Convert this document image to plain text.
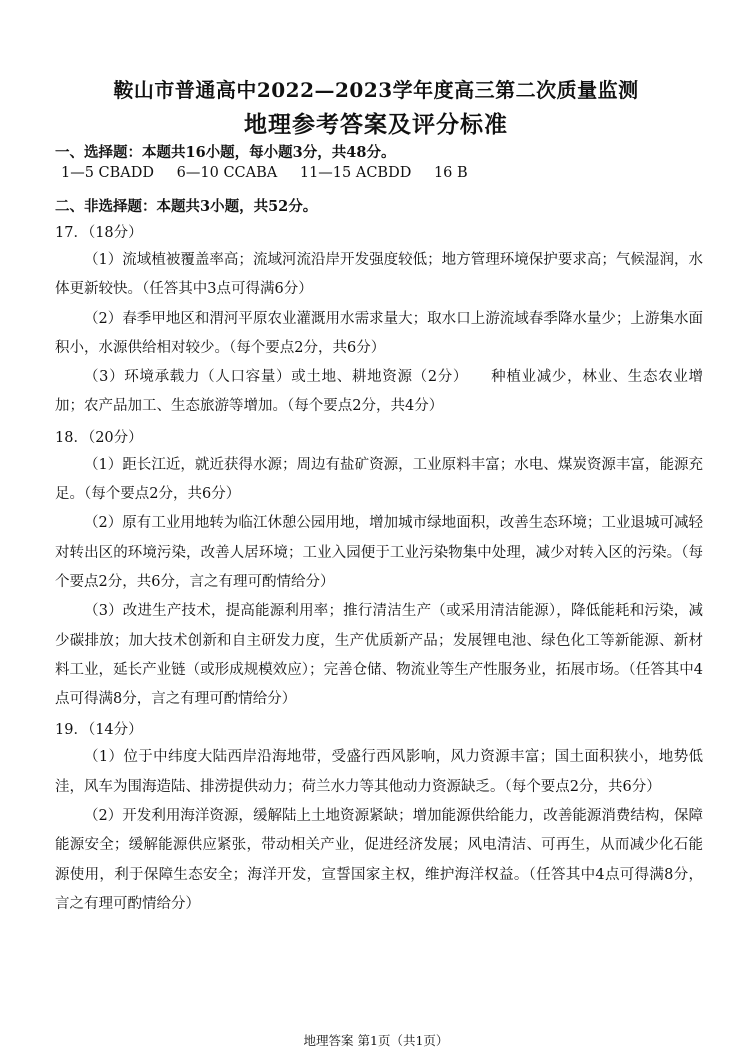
鞍山市普通高中2022—2023学年度高三第二次质量监测
地理参考答案及评分标准
一、选择题：本题共16小题，每小题3分，共48分。
1—5 CBADD 6—10 CCABA 11—15 ACBDD 16 B
二、非选择题：本题共3小题，共52分。
17．（18分）
（1）流域植被覆盖率高；流域河流沿岸开发强度较低；地方管理环境保护要求高；气候湿润，水体更新较快。（任答其中3点可得满6分）
（2）春季甲地区和渭河平原农业灌溉用水需求量大；取水口上游流域春季降水量少；上游集水面积小，水源供给相对较少。（每个要点2分，共6分）
（3）环境承载力（人口容量）或土地、耕地资源（2分）　　种植业减少，林业、生态农业增加；农产品加工、生态旅游等增加。（每个要点2分，共4分）
18．（20分）
（1）距长江近，就近获得水源；周边有盐矿资源，工业原料丰富；水电、煤炭资源丰富，能源充足。（每个要点2分，共6分）
（2）原有工业用地转为临江休憩公园用地，增加城市绿地面积，改善生态环境；工业退城可减轻对转出区的环境污染，改善人居环境；工业入园便于工业污染物集中处理，减少对转入区的污染。（每个要点2分，共6分，言之有理可酌情给分）
（3）改进生产技术，提高能源利用率；推行清洁生产（或采用清洁能源），降低能耗和污染，减少碳排放；加大技术创新和自主研发力度，生产优质新产品；发展锂电池、绿色化工等新能源、新材料工业，延长产业链（或形成规模效应）；完善仓储、物流业等生产性服务业，拓展市场。（任答其中4点可得满8分，言之有理可酌情给分）
19．（14分）
（1）位于中纬度大陆西岸沿海地带，受盛行西风影响，风力资源丰富；国土面积狭小，地势低洼，风车为围海造陆、排涝提供动力；荷兰水力等其他动力资源缺乏。（每个要点2分，共6分）
（2）开发利用海洋资源，缓解陆上土地资源紧缺；增加能源供给能力，改善能源消费结构，保障能源安全；缓解能源供应紧张，带动相关产业，促进经济发展；风电清洁、可再生，从而减少化石能源使用，利于保障生态安全；海洋开发，宣誓国家主权，维护海洋权益。（任答其中4点可得满8分，言之有理可酌情给分）
地理答案 第1页（共1页）
